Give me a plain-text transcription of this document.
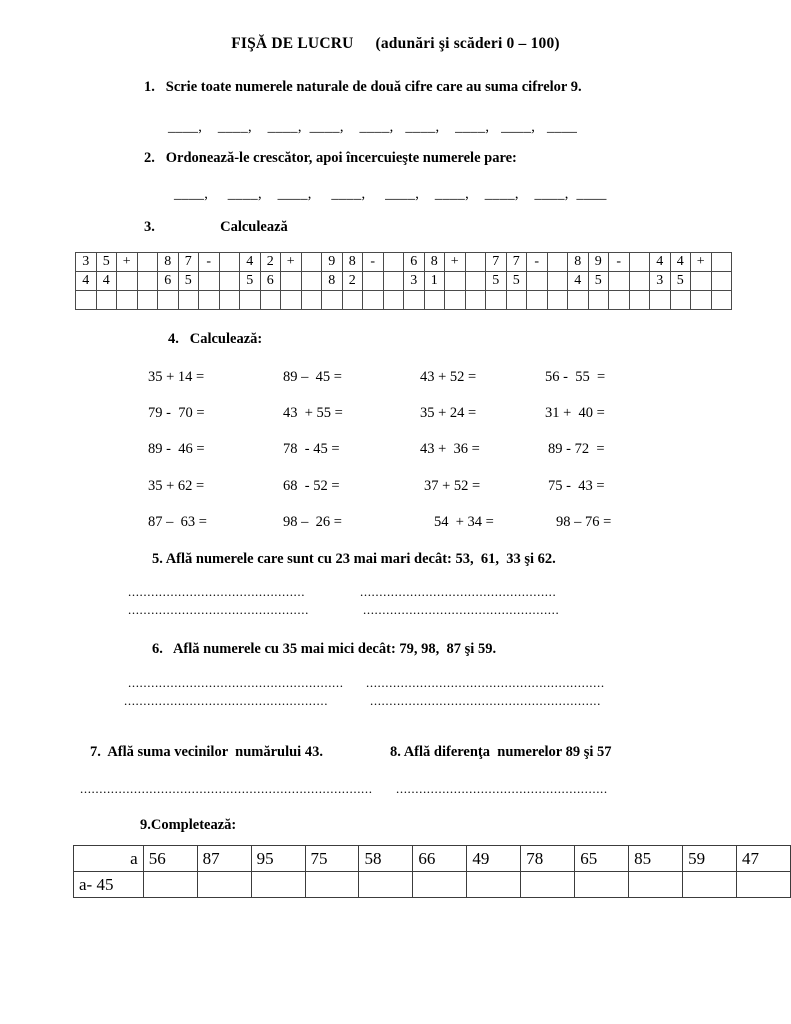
FIŞĂ DE LUCRU (adunări şi scăderi 0 – 100)
1.   Scrie toate numerele naturale de două cifre care au suma cifrelor 9.
____,    ____,    ____,  ____,    ____,   ____,    ____,   ____,   ____
2.   Ordonează-le crescător, apoi încercuieşte numerele pare:
____,     ____,    ____,     ____,     ____,    ____,    ____,    ____,  ____
3.                  Calculează
3	5	+		8	7	-		4	2	+		9	8	-		6	8	+		7	7	-		8	9	-		4	4	+	
4	4			6	5			5	6			8	2			3	1			5	5			4	5			3	5		

4.   Calculează:
35 + 14 =	89 –  45 =	43 + 52 =	56 -  55  =
79 -  70 =	43  + 55 =	35 + 24 =	31 +  40 =
89 -  46 =	78  - 45 =	43 +  36 =	89 - 72  =
35 + 62 =	68  - 52 =	37 + 52 =	75 -  43 =
87 –  63 =	98 –  26 =	54  + 34 =	98 – 76 =
5. Află numerele care sunt cu 23 mai mari decât: 53,  61,  33 şi 62.
..............................................	...................................................
...............................................	...................................................
6.   Află numerele cu 35 mai mici decât: 79, 98,  87 şi 59.
........................................................ ..............................................................
.....................................................	............................................................
7.  Află suma vecinilor  numărului 43.	8. Află diferenţa  numerelor 89 şi 57
............................................................................ .......................................................
9.Completează:
a	56	87	95	75	58	66	49	78	65	85	59	47
a- 45												
